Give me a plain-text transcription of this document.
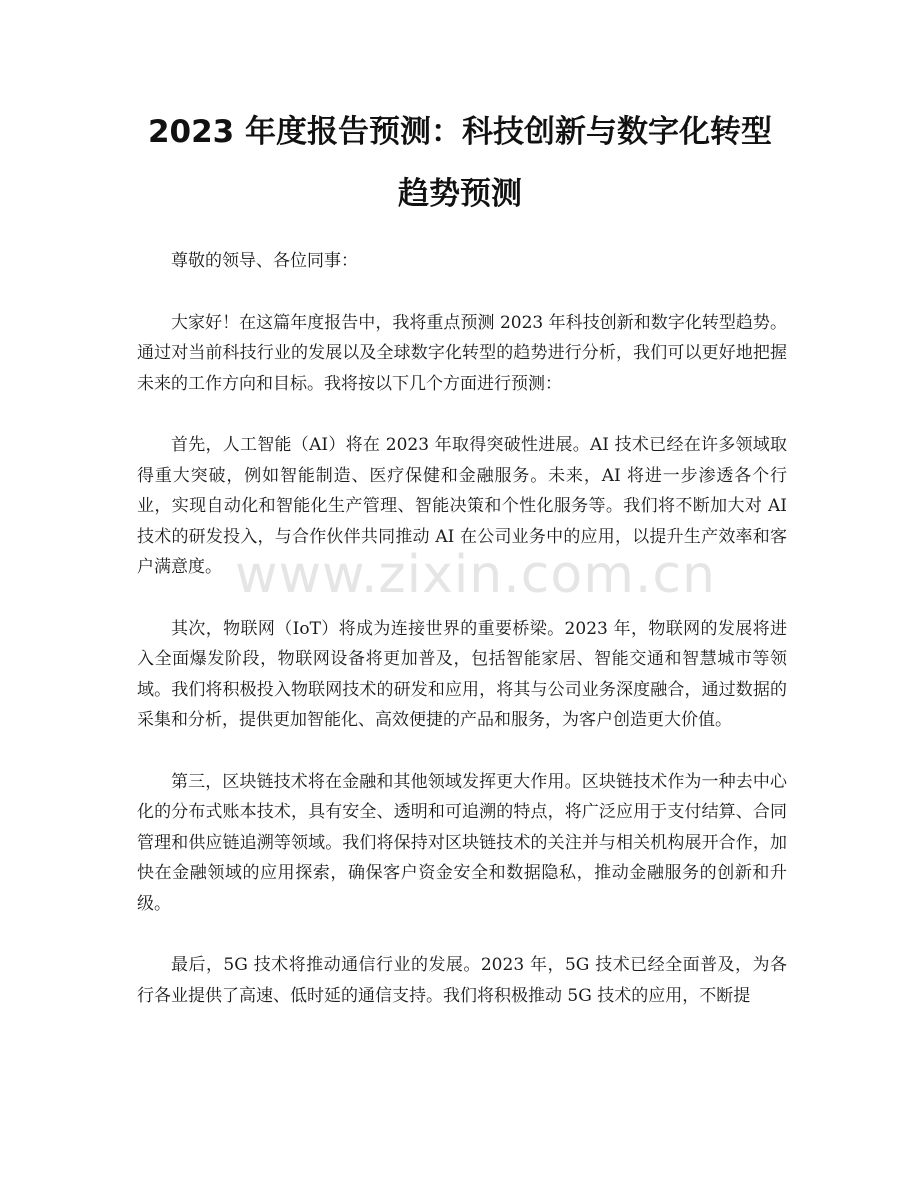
2023 年度报告预测：科技创新与数字化转型
趋势预测

尊敬的领导、各位同事：

大家好！在这篇年度报告中，我将重点预测 2023 年科技创新和数字化转型趋势。通过对当前科技行业的发展以及全球数字化转型的趋势进行分析，我们可以更好地把握未来的工作方向和目标。我将按以下几个方面进行预测：

首先，人工智能（AI）将在 2023 年取得突破性进展。AI 技术已经在许多领域取得重大突破，例如智能制造、医疗保健和金融服务。未来，AI 将进一步渗透各个行业，实现自动化和智能化生产管理、智能决策和个性化服务等。我们将不断加大对 AI 技术的研发投入，与合作伙伴共同推动 AI 在公司业务中的应用，以提升生产效率和客户满意度。

其次，物联网（IoT）将成为连接世界的重要桥梁。2023 年，物联网的发展将进入全面爆发阶段，物联网设备将更加普及，包括智能家居、智能交通和智慧城市等领域。我们将积极投入物联网技术的研发和应用，将其与公司业务深度融合，通过数据的采集和分析，提供更加智能化、高效便捷的产品和服务，为客户创造更大价值。

第三，区块链技术将在金融和其他领域发挥更大作用。区块链技术作为一种去中心化的分布式账本技术，具有安全、透明和可追溯的特点，将广泛应用于支付结算、合同管理和供应链追溯等领域。我们将保持对区块链技术的关注并与相关机构展开合作，加快在金融领域的应用探索，确保客户资金安全和数据隐私，推动金融服务的创新和升级。

最后，5G 技术将推动通信行业的发展。2023 年，5G 技术已经全面普及，为各行各业提供了高速、低时延的通信支持。我们将积极推动 5G 技术的应用，不断提

www.zixin.com.cn
